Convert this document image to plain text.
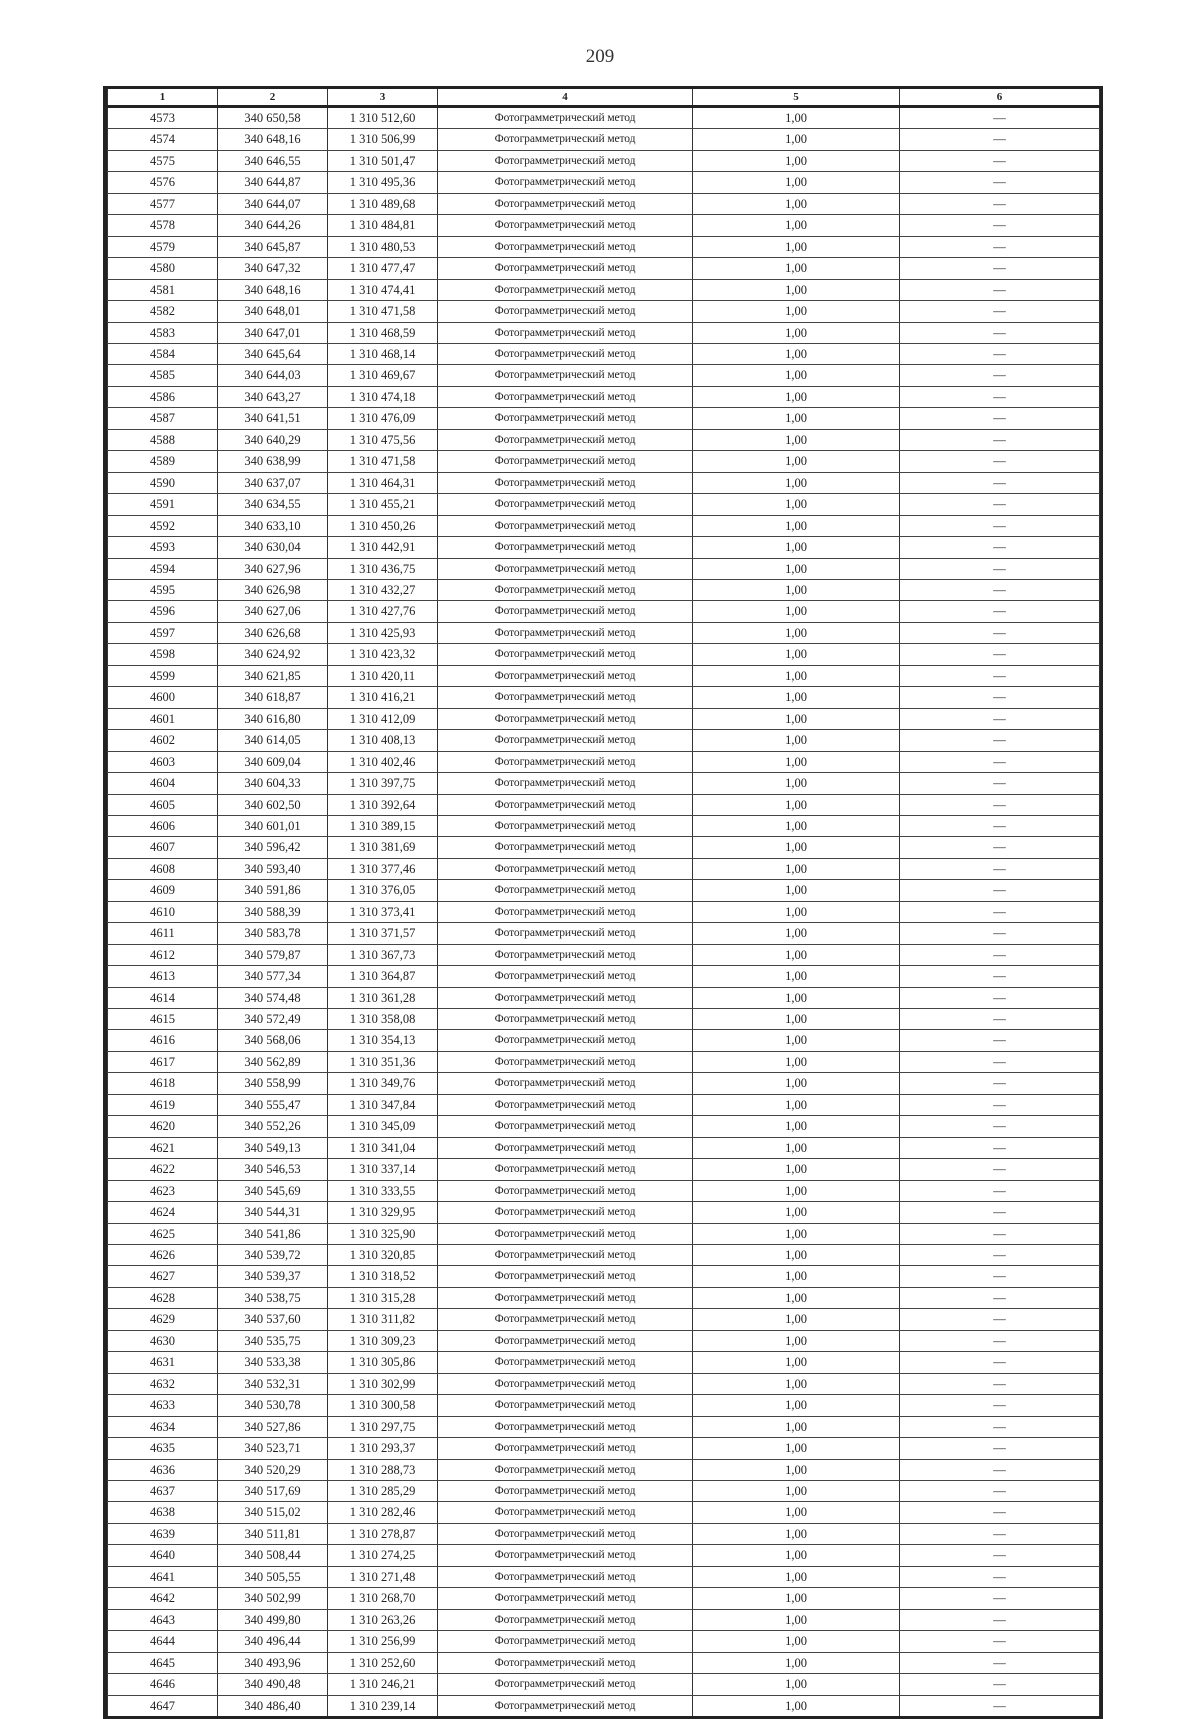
209
1	2	3	4	5	6
4573	340 650,58	1 310 512,60	Фотограмметрический метод	1,00	—
4574	340 648,16	1 310 506,99	Фотограмметрический метод	1,00	—
4575	340 646,55	1 310 501,47	Фотограмметрический метод	1,00	—
4576	340 644,87	1 310 495,36	Фотограмметрический метод	1,00	—
4577	340 644,07	1 310 489,68	Фотограмметрический метод	1,00	—
4578	340 644,26	1 310 484,81	Фотограмметрический метод	1,00	—
4579	340 645,87	1 310 480,53	Фотограмметрический метод	1,00	—
4580	340 647,32	1 310 477,47	Фотограмметрический метод	1,00	—
4581	340 648,16	1 310 474,41	Фотограмметрический метод	1,00	—
4582	340 648,01	1 310 471,58	Фотограмметрический метод	1,00	—
4583	340 647,01	1 310 468,59	Фотограмметрический метод	1,00	—
4584	340 645,64	1 310 468,14	Фотограмметрический метод	1,00	—
4585	340 644,03	1 310 469,67	Фотограмметрический метод	1,00	—
4586	340 643,27	1 310 474,18	Фотограмметрический метод	1,00	—
4587	340 641,51	1 310 476,09	Фотограмметрический метод	1,00	—
4588	340 640,29	1 310 475,56	Фотограмметрический метод	1,00	—
4589	340 638,99	1 310 471,58	Фотограмметрический метод	1,00	—
4590	340 637,07	1 310 464,31	Фотограмметрический метод	1,00	—
4591	340 634,55	1 310 455,21	Фотограмметрический метод	1,00	—
4592	340 633,10	1 310 450,26	Фотограмметрический метод	1,00	—
4593	340 630,04	1 310 442,91	Фотограмметрический метод	1,00	—
4594	340 627,96	1 310 436,75	Фотограмметрический метод	1,00	—
4595	340 626,98	1 310 432,27	Фотограмметрический метод	1,00	—
4596	340 627,06	1 310 427,76	Фотограмметрический метод	1,00	—
4597	340 626,68	1 310 425,93	Фотограмметрический метод	1,00	—
4598	340 624,92	1 310 423,32	Фотограмметрический метод	1,00	—
4599	340 621,85	1 310 420,11	Фотограмметрический метод	1,00	—
4600	340 618,87	1 310 416,21	Фотограмметрический метод	1,00	—
4601	340 616,80	1 310 412,09	Фотограмметрический метод	1,00	—
4602	340 614,05	1 310 408,13	Фотограмметрический метод	1,00	—
4603	340 609,04	1 310 402,46	Фотограмметрический метод	1,00	—
4604	340 604,33	1 310 397,75	Фотограмметрический метод	1,00	—
4605	340 602,50	1 310 392,64	Фотограмметрический метод	1,00	—
4606	340 601,01	1 310 389,15	Фотограмметрический метод	1,00	—
4607	340 596,42	1 310 381,69	Фотограмметрический метод	1,00	—
4608	340 593,40	1 310 377,46	Фотограмметрический метод	1,00	—
4609	340 591,86	1 310 376,05	Фотограмметрический метод	1,00	—
4610	340 588,39	1 310 373,41	Фотограмметрический метод	1,00	—
4611	340 583,78	1 310 371,57	Фотограмметрический метод	1,00	—
4612	340 579,87	1 310 367,73	Фотограмметрический метод	1,00	—
4613	340 577,34	1 310 364,87	Фотограмметрический метод	1,00	—
4614	340 574,48	1 310 361,28	Фотограмметрический метод	1,00	—
4615	340 572,49	1 310 358,08	Фотограмметрический метод	1,00	—
4616	340 568,06	1 310 354,13	Фотограмметрический метод	1,00	—
4617	340 562,89	1 310 351,36	Фотограмметрический метод	1,00	—
4618	340 558,99	1 310 349,76	Фотограмметрический метод	1,00	—
4619	340 555,47	1 310 347,84	Фотограмметрический метод	1,00	—
4620	340 552,26	1 310 345,09	Фотограмметрический метод	1,00	—
4621	340 549,13	1 310 341,04	Фотограмметрический метод	1,00	—
4622	340 546,53	1 310 337,14	Фотограмметрический метод	1,00	—
4623	340 545,69	1 310 333,55	Фотограмметрический метод	1,00	—
4624	340 544,31	1 310 329,95	Фотограмметрический метод	1,00	—
4625	340 541,86	1 310 325,90	Фотограмметрический метод	1,00	—
4626	340 539,72	1 310 320,85	Фотограмметрический метод	1,00	—
4627	340 539,37	1 310 318,52	Фотограмметрический метод	1,00	—
4628	340 538,75	1 310 315,28	Фотограмметрический метод	1,00	—
4629	340 537,60	1 310 311,82	Фотограмметрический метод	1,00	—
4630	340 535,75	1 310 309,23	Фотограмметрический метод	1,00	—
4631	340 533,38	1 310 305,86	Фотограмметрический метод	1,00	—
4632	340 532,31	1 310 302,99	Фотограмметрический метод	1,00	—
4633	340 530,78	1 310 300,58	Фотограмметрический метод	1,00	—
4634	340 527,86	1 310 297,75	Фотограмметрический метод	1,00	—
4635	340 523,71	1 310 293,37	Фотограмметрический метод	1,00	—
4636	340 520,29	1 310 288,73	Фотограмметрический метод	1,00	—
4637	340 517,69	1 310 285,29	Фотограмметрический метод	1,00	—
4638	340 515,02	1 310 282,46	Фотограмметрический метод	1,00	—
4639	340 511,81	1 310 278,87	Фотограмметрический метод	1,00	—
4640	340 508,44	1 310 274,25	Фотограмметрический метод	1,00	—
4641	340 505,55	1 310 271,48	Фотограмметрический метод	1,00	—
4642	340 502,99	1 310 268,70	Фотограмметрический метод	1,00	—
4643	340 499,80	1 310 263,26	Фотограмметрический метод	1,00	—
4644	340 496,44	1 310 256,99	Фотограмметрический метод	1,00	—
4645	340 493,96	1 310 252,60	Фотограмметрический метод	1,00	—
4646	340 490,48	1 310 246,21	Фотограмметрический метод	1,00	—
4647	340 486,40	1 310 239,14	Фотограмметрический метод	1,00	—
